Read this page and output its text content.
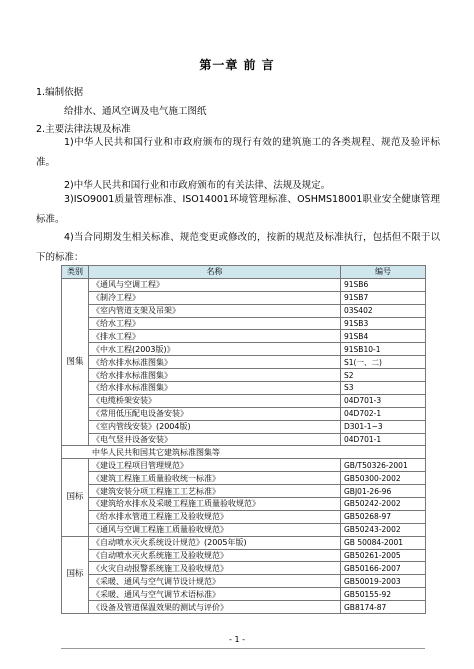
第一章 前 言
1.编制依据
给排水、通风空调及电气施工图纸
2.主要法律法规及标准
1)中华人民共和国行业和市政府颁布的现行有效的建筑施工的各类规程、规范及验评标准。
2)中华人民共和国行业和市政府颁布的有关法律、法规及规定。
3)ISO9001质量管理标准、ISO14001环境管理标准、OSHMS18001职业安全健康管理标准。
4)当合同期发生相关标准、规范变更或修改的，按新的规范及标准执行，包括但不限于以下的标准：
类别	名称	编号
图集	《通风与空调工程》	91SB6
	《制冷工程》	91SB7
	《室内管道支架及吊架》	03S402
	《给水工程》	91SB3
	《排水工程》	91SB4
	《中水工程(2003版)》	91SB10-1
	《给水排水标准图集》	S1(一、二)
	《给水排水标准图集》	S2
	《给水排水标准图集》	S3
	《电缆桥架安装》	04D701-3
	《常用低压配电设备安装》	04D702-1
	《室内管线安装》(2004版)	D301-1~3
	《电气竖井设备安装》	04D701-1
中华人民共和国其它建筑标准图集等		
国标	《建设工程项目管理规范》	GB/T50326-2001
	《建筑工程施工质量验收统一标准》	GB50300-2002
	《建筑安装分项工程施工工艺标准》	GBJ01-26-96
	《建筑给水排水及采暖工程施工质量验收规范》	GB50242-2002
	《给水排水管道工程施工及验收规范》	GB50268-97
	《通风与空调工程施工质量验收规范》	GB50243-2002
国标	《自动喷水灭火系统设计规范》(2005年版)	GB 50084-2001
	《自动喷水灭火系统施工及验收规范》	GB50261-2005
	《火灾自动报警系统施工及验收规范》	GB50166-2007
	《采暖、通风与空气调节设计规范》	GB50019-2003
	《采暖、通风与空气调节术语标准》	GB50155-92
	《设备及管道保温效果的测试与评价》	GB8174-87
- 1 -
